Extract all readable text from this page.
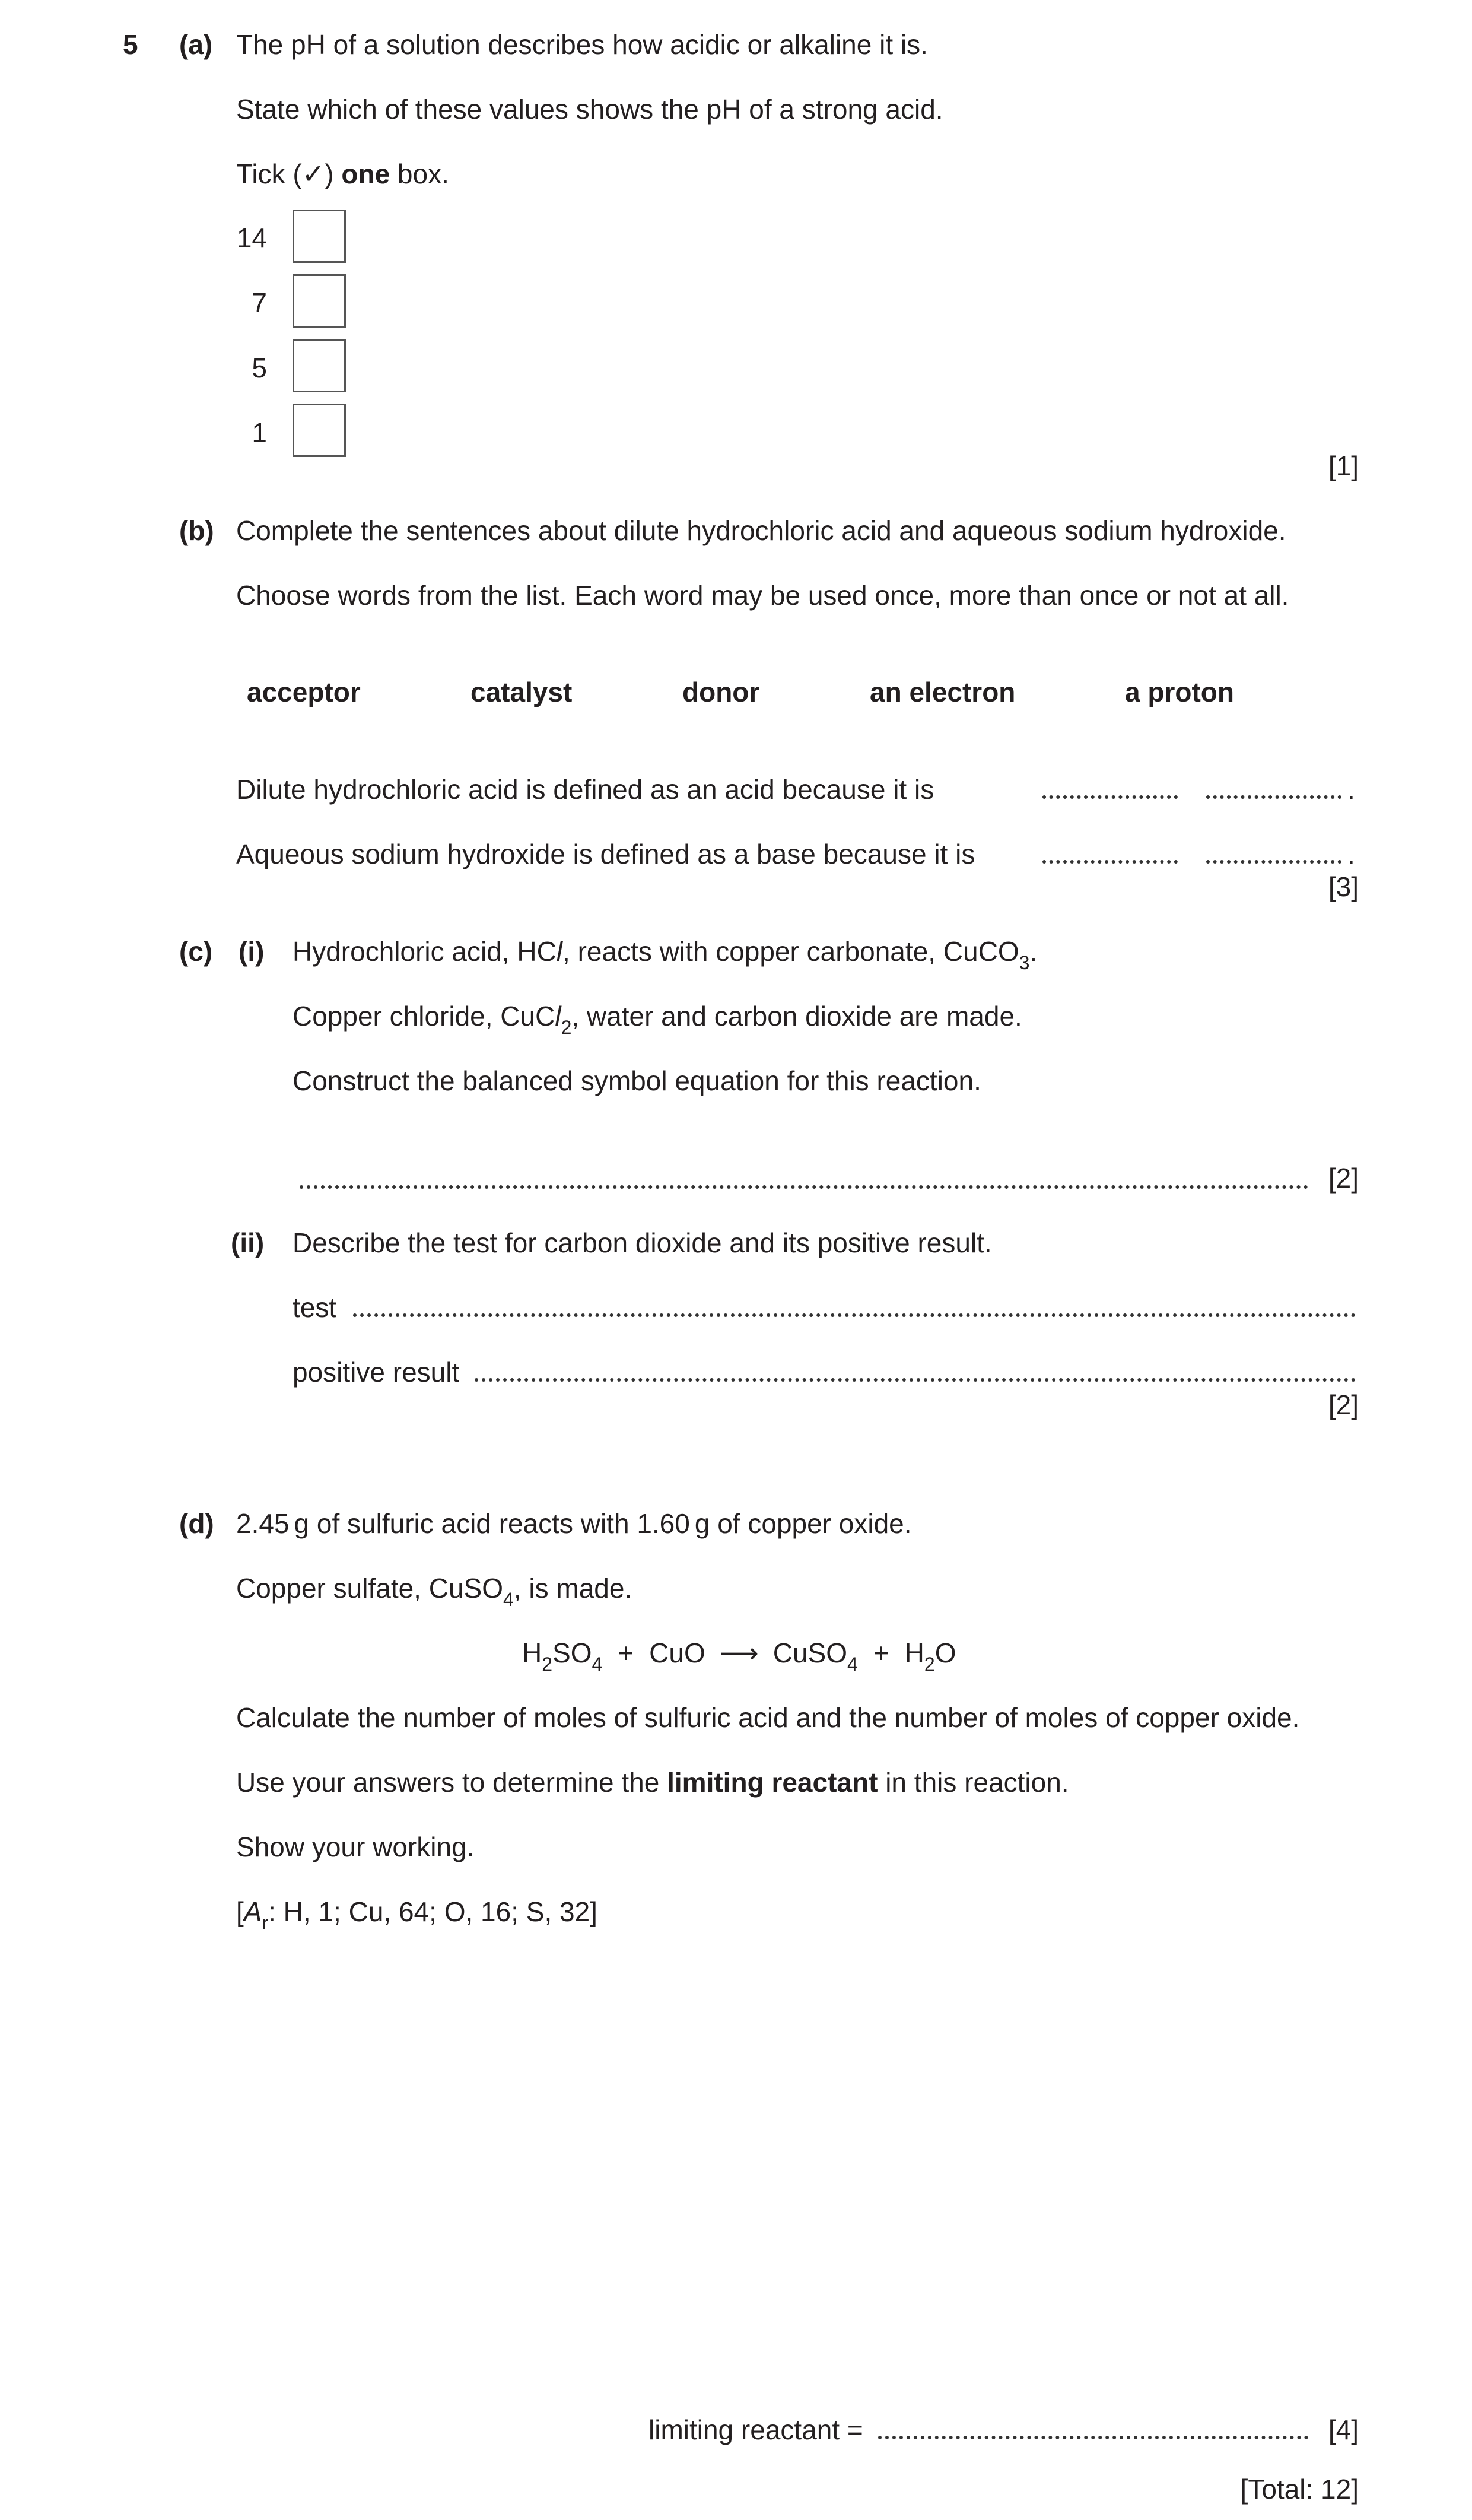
5 (a) The pH of a solution describes how acidic or alkaline it is.
State which of these values shows the pH of a strong acid.
Tick (✓) one box.
14
7
5
1
[1]
(b) Complete the sentences about dilute hydrochloric acid and aqueous sodium hydroxide.
Choose words from the list. Each word may be used once, more than once or not at all.
acceptor	catalyst	donor	an electron	a proton
Dilute hydrochloric acid is defined as an acid because it is	.
Aqueous sodium hydroxide is defined as a base because it is	.
[3]
(c) (i) Hydrochloric acid, HCl, reacts with copper carbonate, CuCO$_3$.
Copper chloride, CuCl$_2$, water and carbon dioxide are made.
Construct the balanced symbol equation for this reaction.
[2]
(ii) Describe the test for carbon dioxide and its positive result.
test
positive result
[2]
(d) 2.45 g of sulfuric acid reacts with 1.60 g of copper oxide.
Copper sulfate, CuSO$_4$, is made.
$H_2SO_4$ + CuO ⟶ CuSO$_4$ + $H_2O$
Calculate the number of moles of sulfuric acid and the number of moles of copper oxide.
Use your answers to determine the limiting reactant in this reaction.
Show your working.
[$A_r$: H, 1; Cu, 64; O, 16; S, 32]
limiting reactant =	[4]
[Total: 12]
